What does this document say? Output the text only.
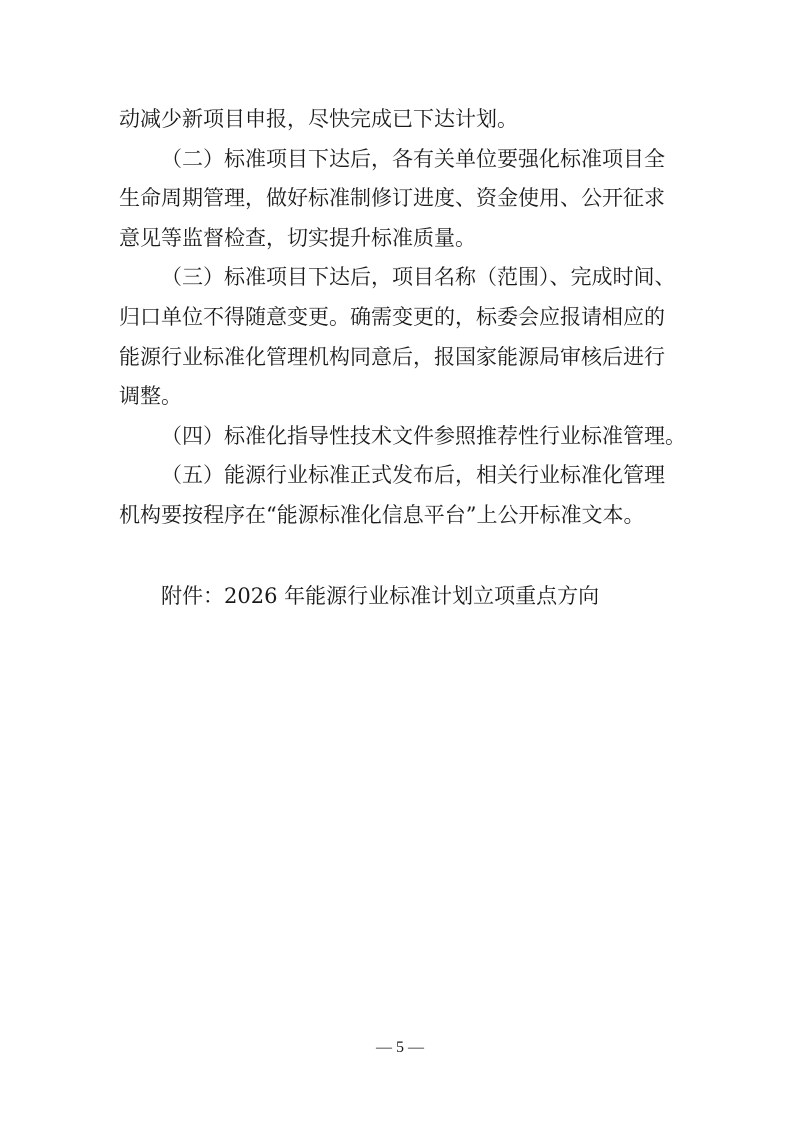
动减少新项目申报，尽快完成已下达计划。
（二）标准项目下达后，各有关单位要强化标准项目全
生命周期管理，做好标准制修订进度、资金使用、公开征求
意见等监督检查，切实提升标准质量。
（三）标准项目下达后，项目名称（范围）、完成时间、
归口单位不得随意变更。确需变更的，标委会应报请相应的
能源行业标准化管理机构同意后，报国家能源局审核后进行
调整。
（四）标准化指导性技术文件参照推荐性行业标准管理。
（五）能源行业标准正式发布后，相关行业标准化管理
机构要按程序在“能源标准化信息平台”上公开标准文本。
附件：2026 年能源行业标准计划立项重点方向
— 5 —
